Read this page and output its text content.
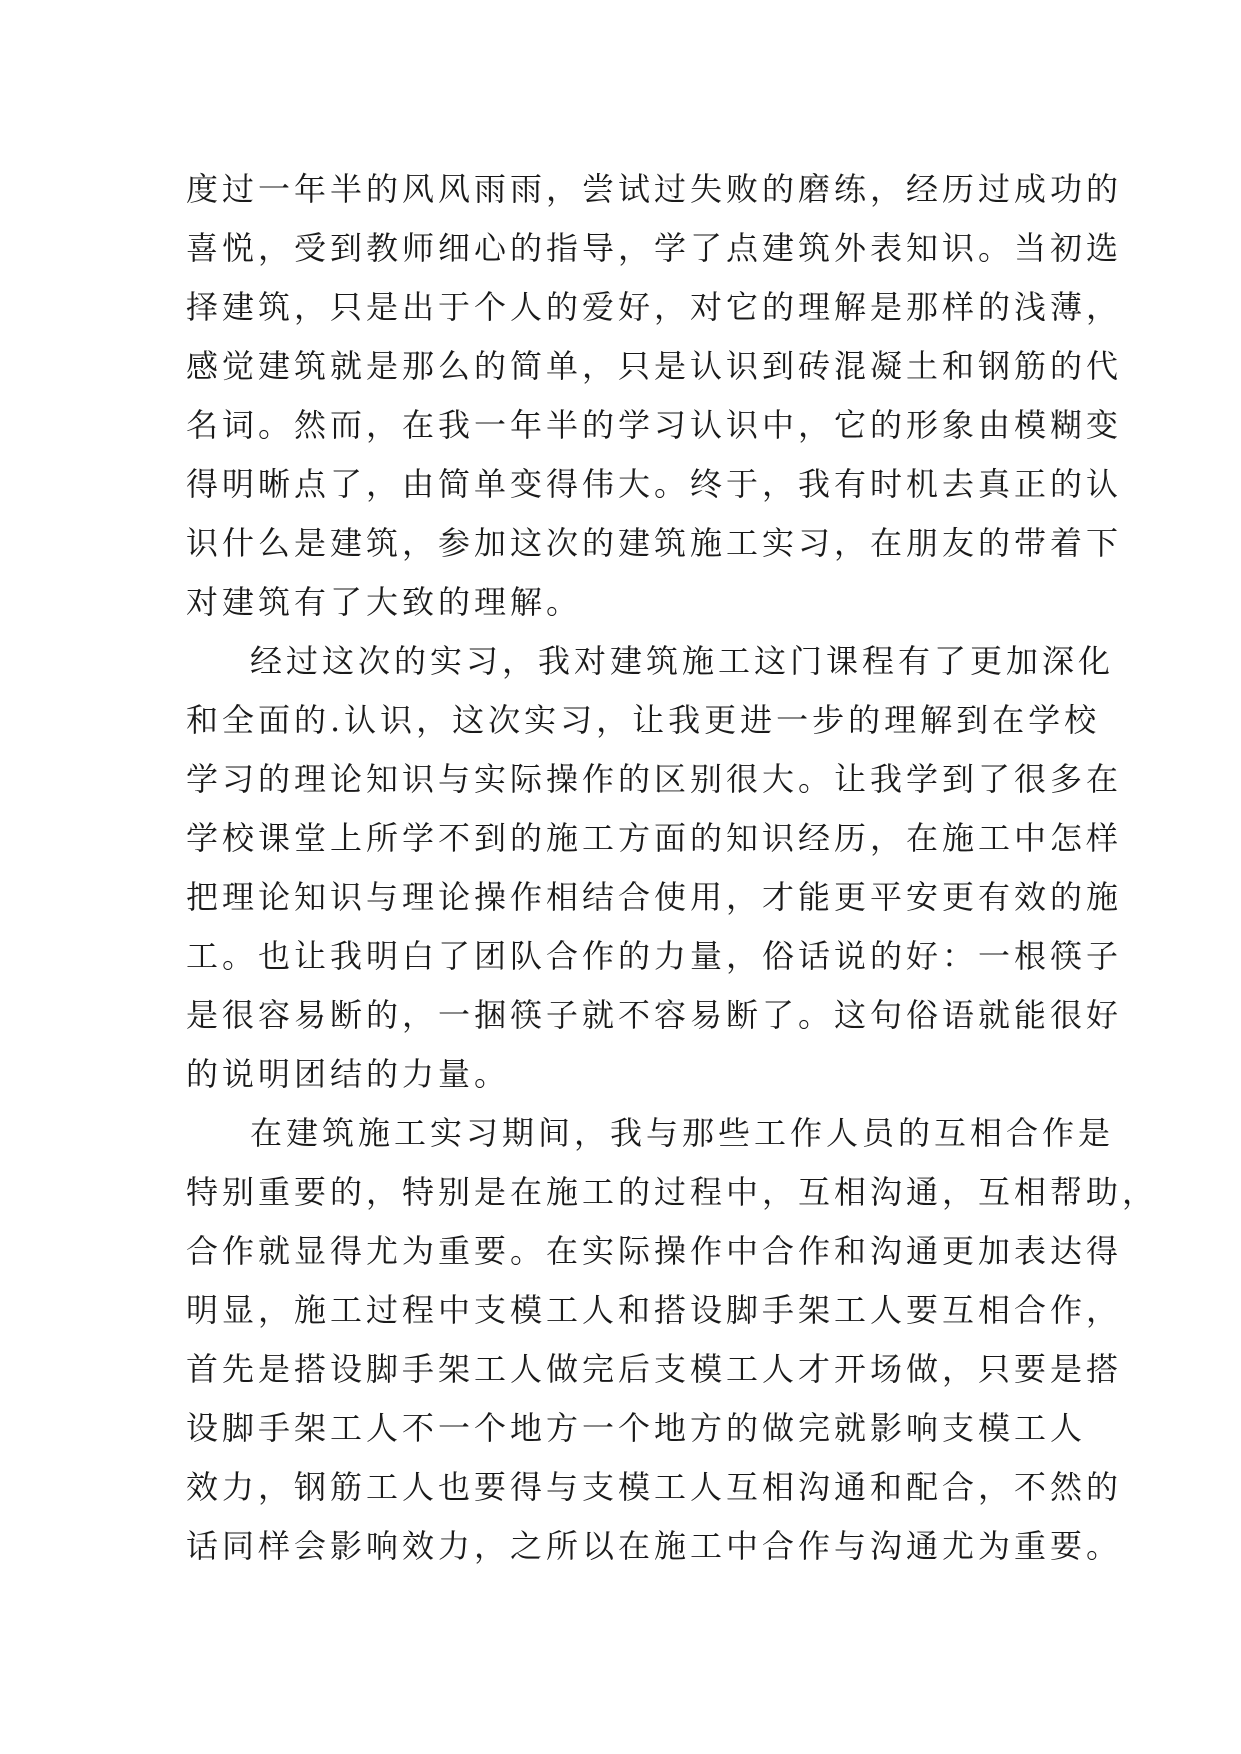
度过一年半的风风雨雨，尝试过失败的磨练，经历过成功的
喜悦，受到教师细心的指导，学了点建筑外表知识。当初选
择建筑，只是出于个人的爱好，对它的理解是那样的浅薄，
感觉建筑就是那么的简单，只是认识到砖混凝土和钢筋的代
名词。然而，在我一年半的学习认识中，它的形象由模糊变
得明晰点了，由简单变得伟大。终于，我有时机去真正的认
识什么是建筑，参加这次的建筑施工实习，在朋友的带着下
对建筑有了大致的理解。
经过这次的实习，我对建筑施工这门课程有了更加深化
和全面的.认识，这次实习，让我更进一步的理解到在学校
学习的理论知识与实际操作的区别很大。让我学到了很多在
学校课堂上所学不到的施工方面的知识经历，在施工中怎样
把理论知识与理论操作相结合使用，才能更平安更有效的施
工。也让我明白了团队合作的力量，俗话说的好：一根筷子
是很容易断的，一捆筷子就不容易断了。这句俗语就能很好
的说明团结的力量。
在建筑施工实习期间，我与那些工作人员的互相合作是
特别重要的，特别是在施工的过程中，互相沟通，互相帮助，
合作就显得尤为重要。在实际操作中合作和沟通更加表达得
明显，施工过程中支模工人和搭设脚手架工人要互相合作，
首先是搭设脚手架工人做完后支模工人才开场做，只要是搭
设脚手架工人不一个地方一个地方的做完就影响支模工人
效力，钢筋工人也要得与支模工人互相沟通和配合，不然的
话同样会影响效力，之所以在施工中合作与沟通尤为重要。
